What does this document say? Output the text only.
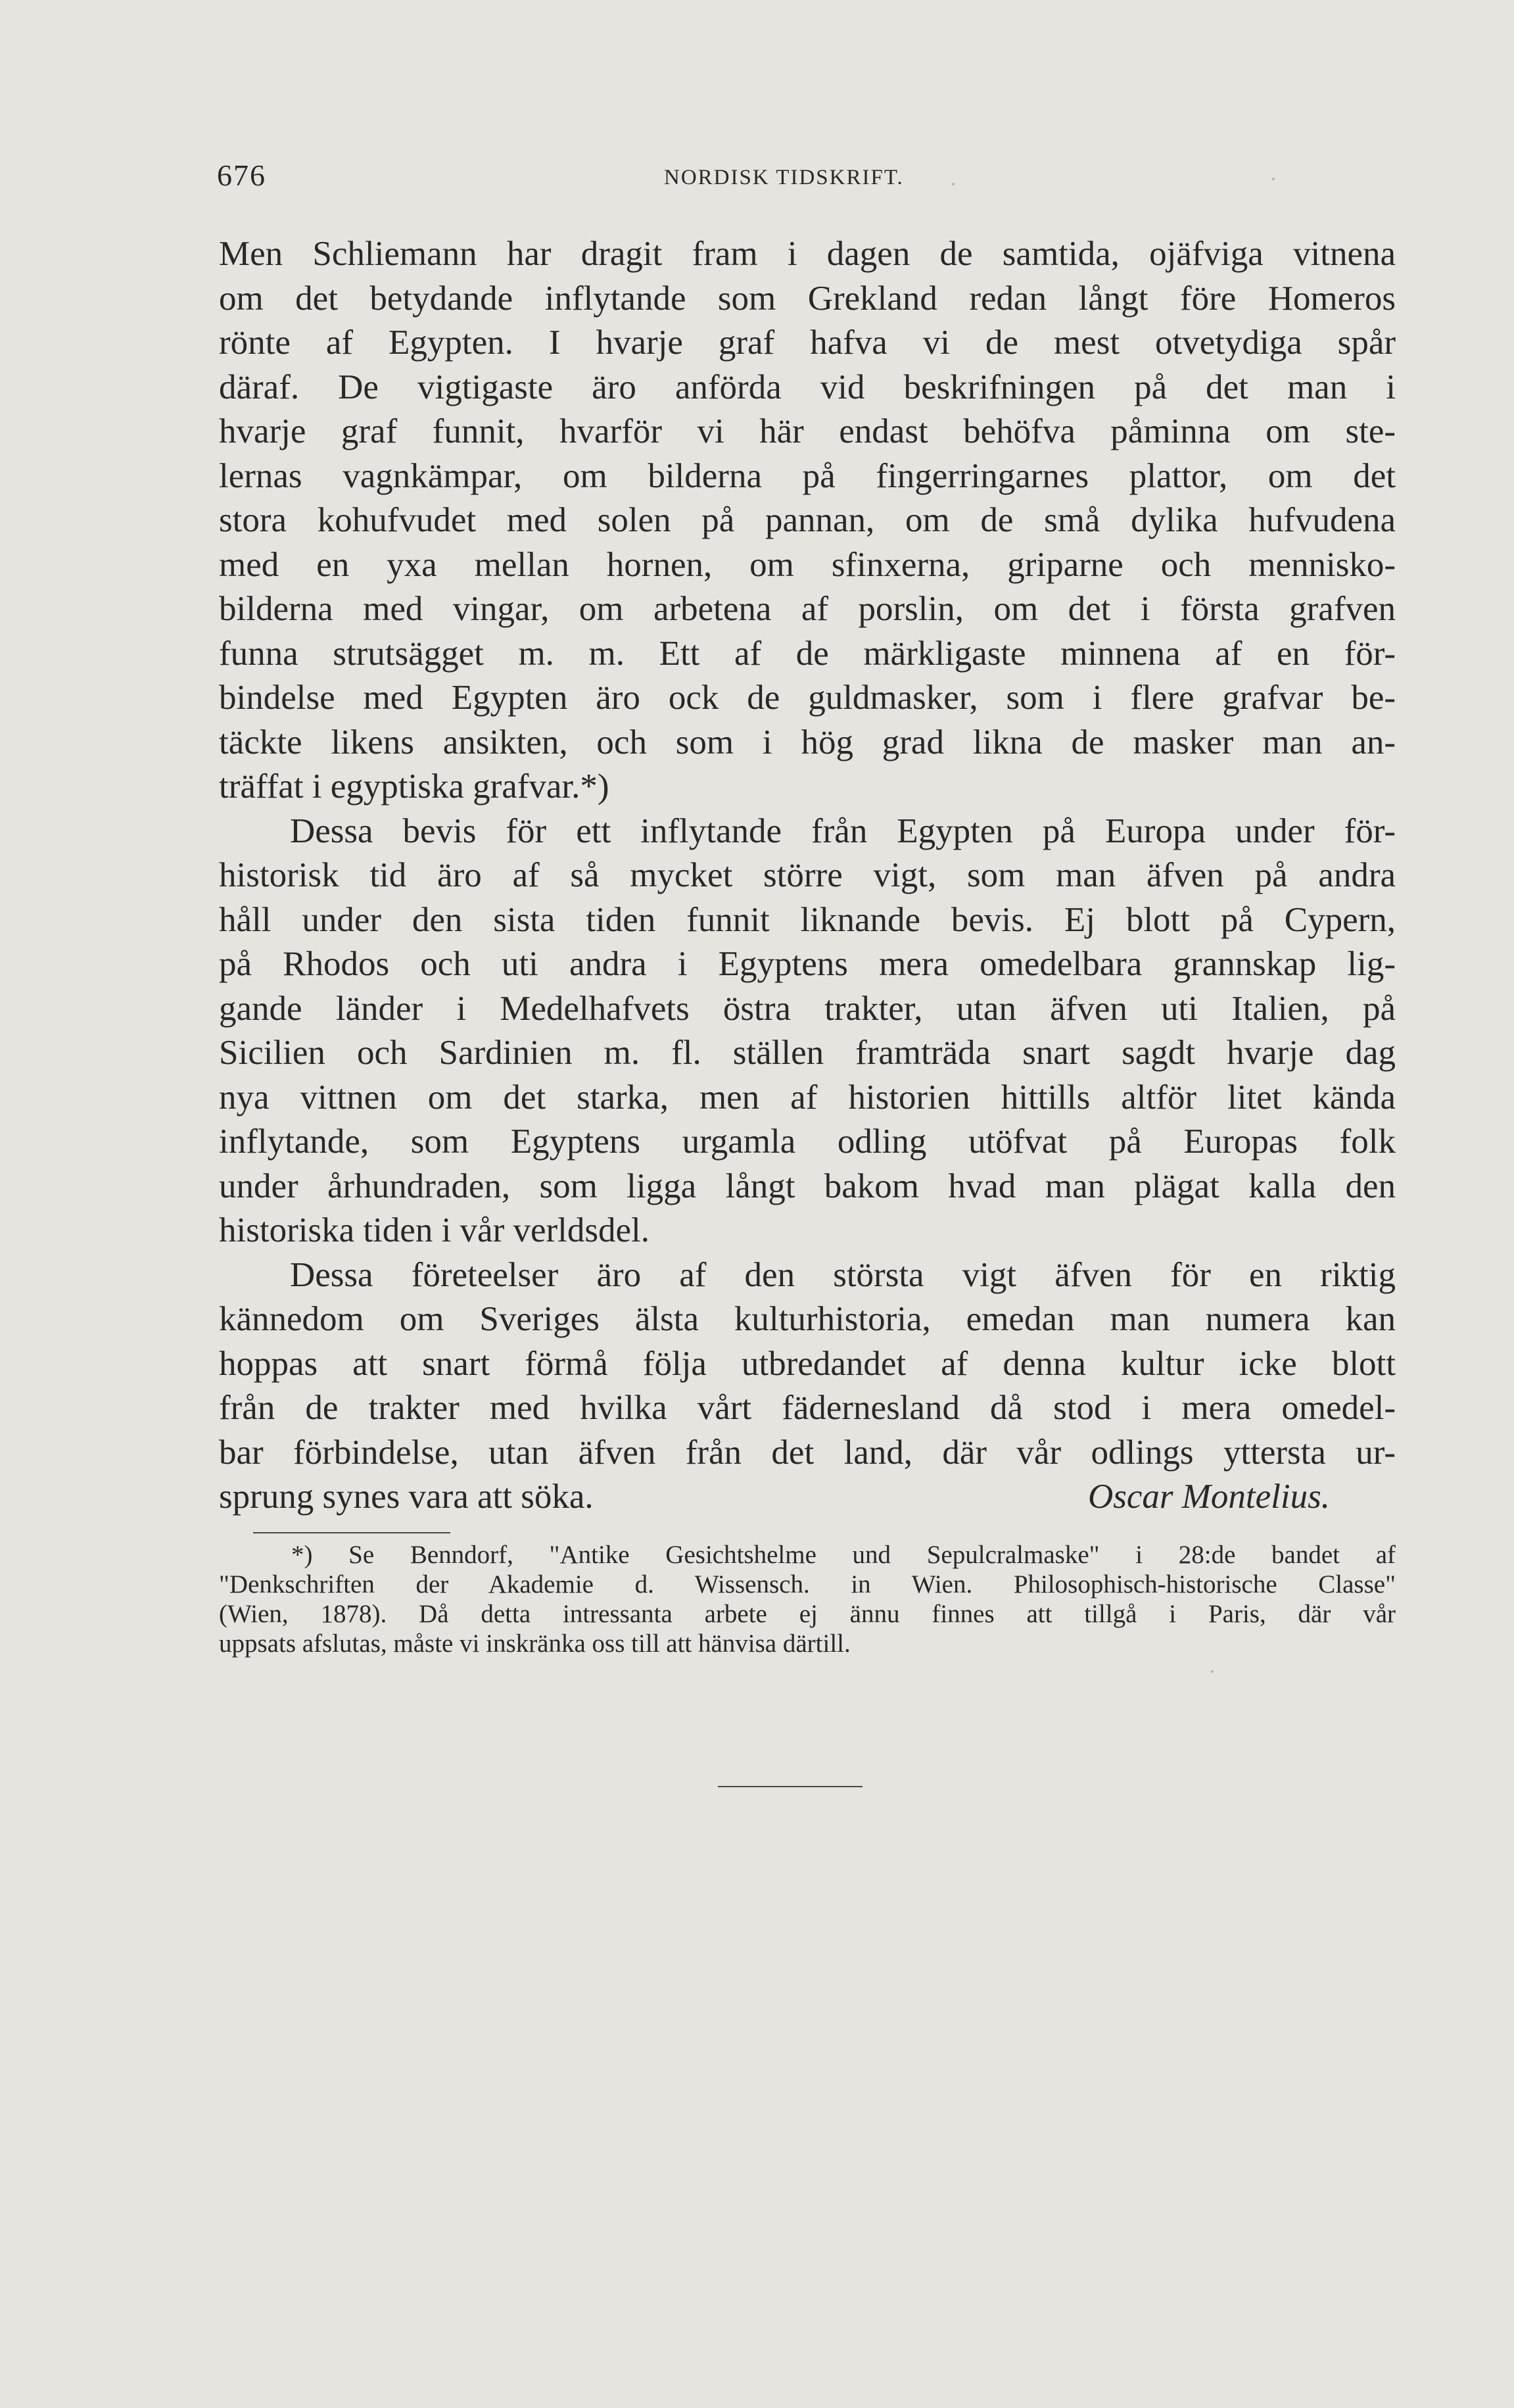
676	NORDISK TIDSKRIFT.
Men Schliemann har dragit fram i dagen de samtida, ojäfviga vitnena
om det betydande inflytande som Grekland redan långt före Homeros
rönte af Egypten. I hvarje graf hafva vi de mest otvetydiga spår
däraf. De vigtigaste äro anförda vid beskrifningen på det man i
hvarje graf funnit, hvarför vi här endast behöfva påminna om ste-
lernas vagnkämpar, om bilderna på fingerringarnes plattor, om det
stora kohufvudet med solen på pannan, om de små dylika hufvudena
med en yxa mellan hornen, om sfinxerna, griparne och mennisko-
bilderna med vingar, om arbetena af porslin, om det i första grafven
funna strutsägget m. m. Ett af de märkligaste minnena af en för-
bindelse med Egypten äro ock de guldmasker, som i flere grafvar be-
täckte likens ansikten, och som i hög grad likna de masker man an-
träffat i egyptiska grafvar.*)
Dessa bevis för ett inflytande från Egypten på Europa under för-
historisk tid äro af så mycket större vigt, som man äfven på andra
håll under den sista tiden funnit liknande bevis. Ej blott på Cypern,
på Rhodos och uti andra i Egyptens mera omedelbara grannskap lig-
gande länder i Medelhafvets östra trakter, utan äfven uti Italien, på
Sicilien och Sardinien m. fl. ställen framträda snart sagdt hvarje dag
nya vittnen om det starka, men af historien hittills altför litet kända
inflytande, som Egyptens urgamla odling utöfvat på Europas folk
under århundraden, som ligga långt bakom hvad man plägat kalla den
historiska tiden i vår verldsdel.
Dessa företeelser äro af den största vigt äfven för en riktig
kännedom om Sveriges älsta kulturhistoria, emedan man numera kan
hoppas att snart förmå följa utbredandet af denna kultur icke blott
från de trakter med hvilka vårt fädernesland då stod i mera omedel-
bar förbindelse, utan äfven från det land, där vår odlings yttersta ur-
sprung synes vara att söka.	Oscar Montelius.
*) Se Benndorf, "Antike Gesichtshelme und Sepulcralmaske" i 28:de bandet af
"Denkschriften der Akademie d. Wissensch. in Wien. Philosophisch-historische Classe"
(Wien, 1878). Då detta intressanta arbete ej ännu finnes att tillgå i Paris, där vår
uppsats afslutas, måste vi inskränka oss till att hänvisa därtill.
